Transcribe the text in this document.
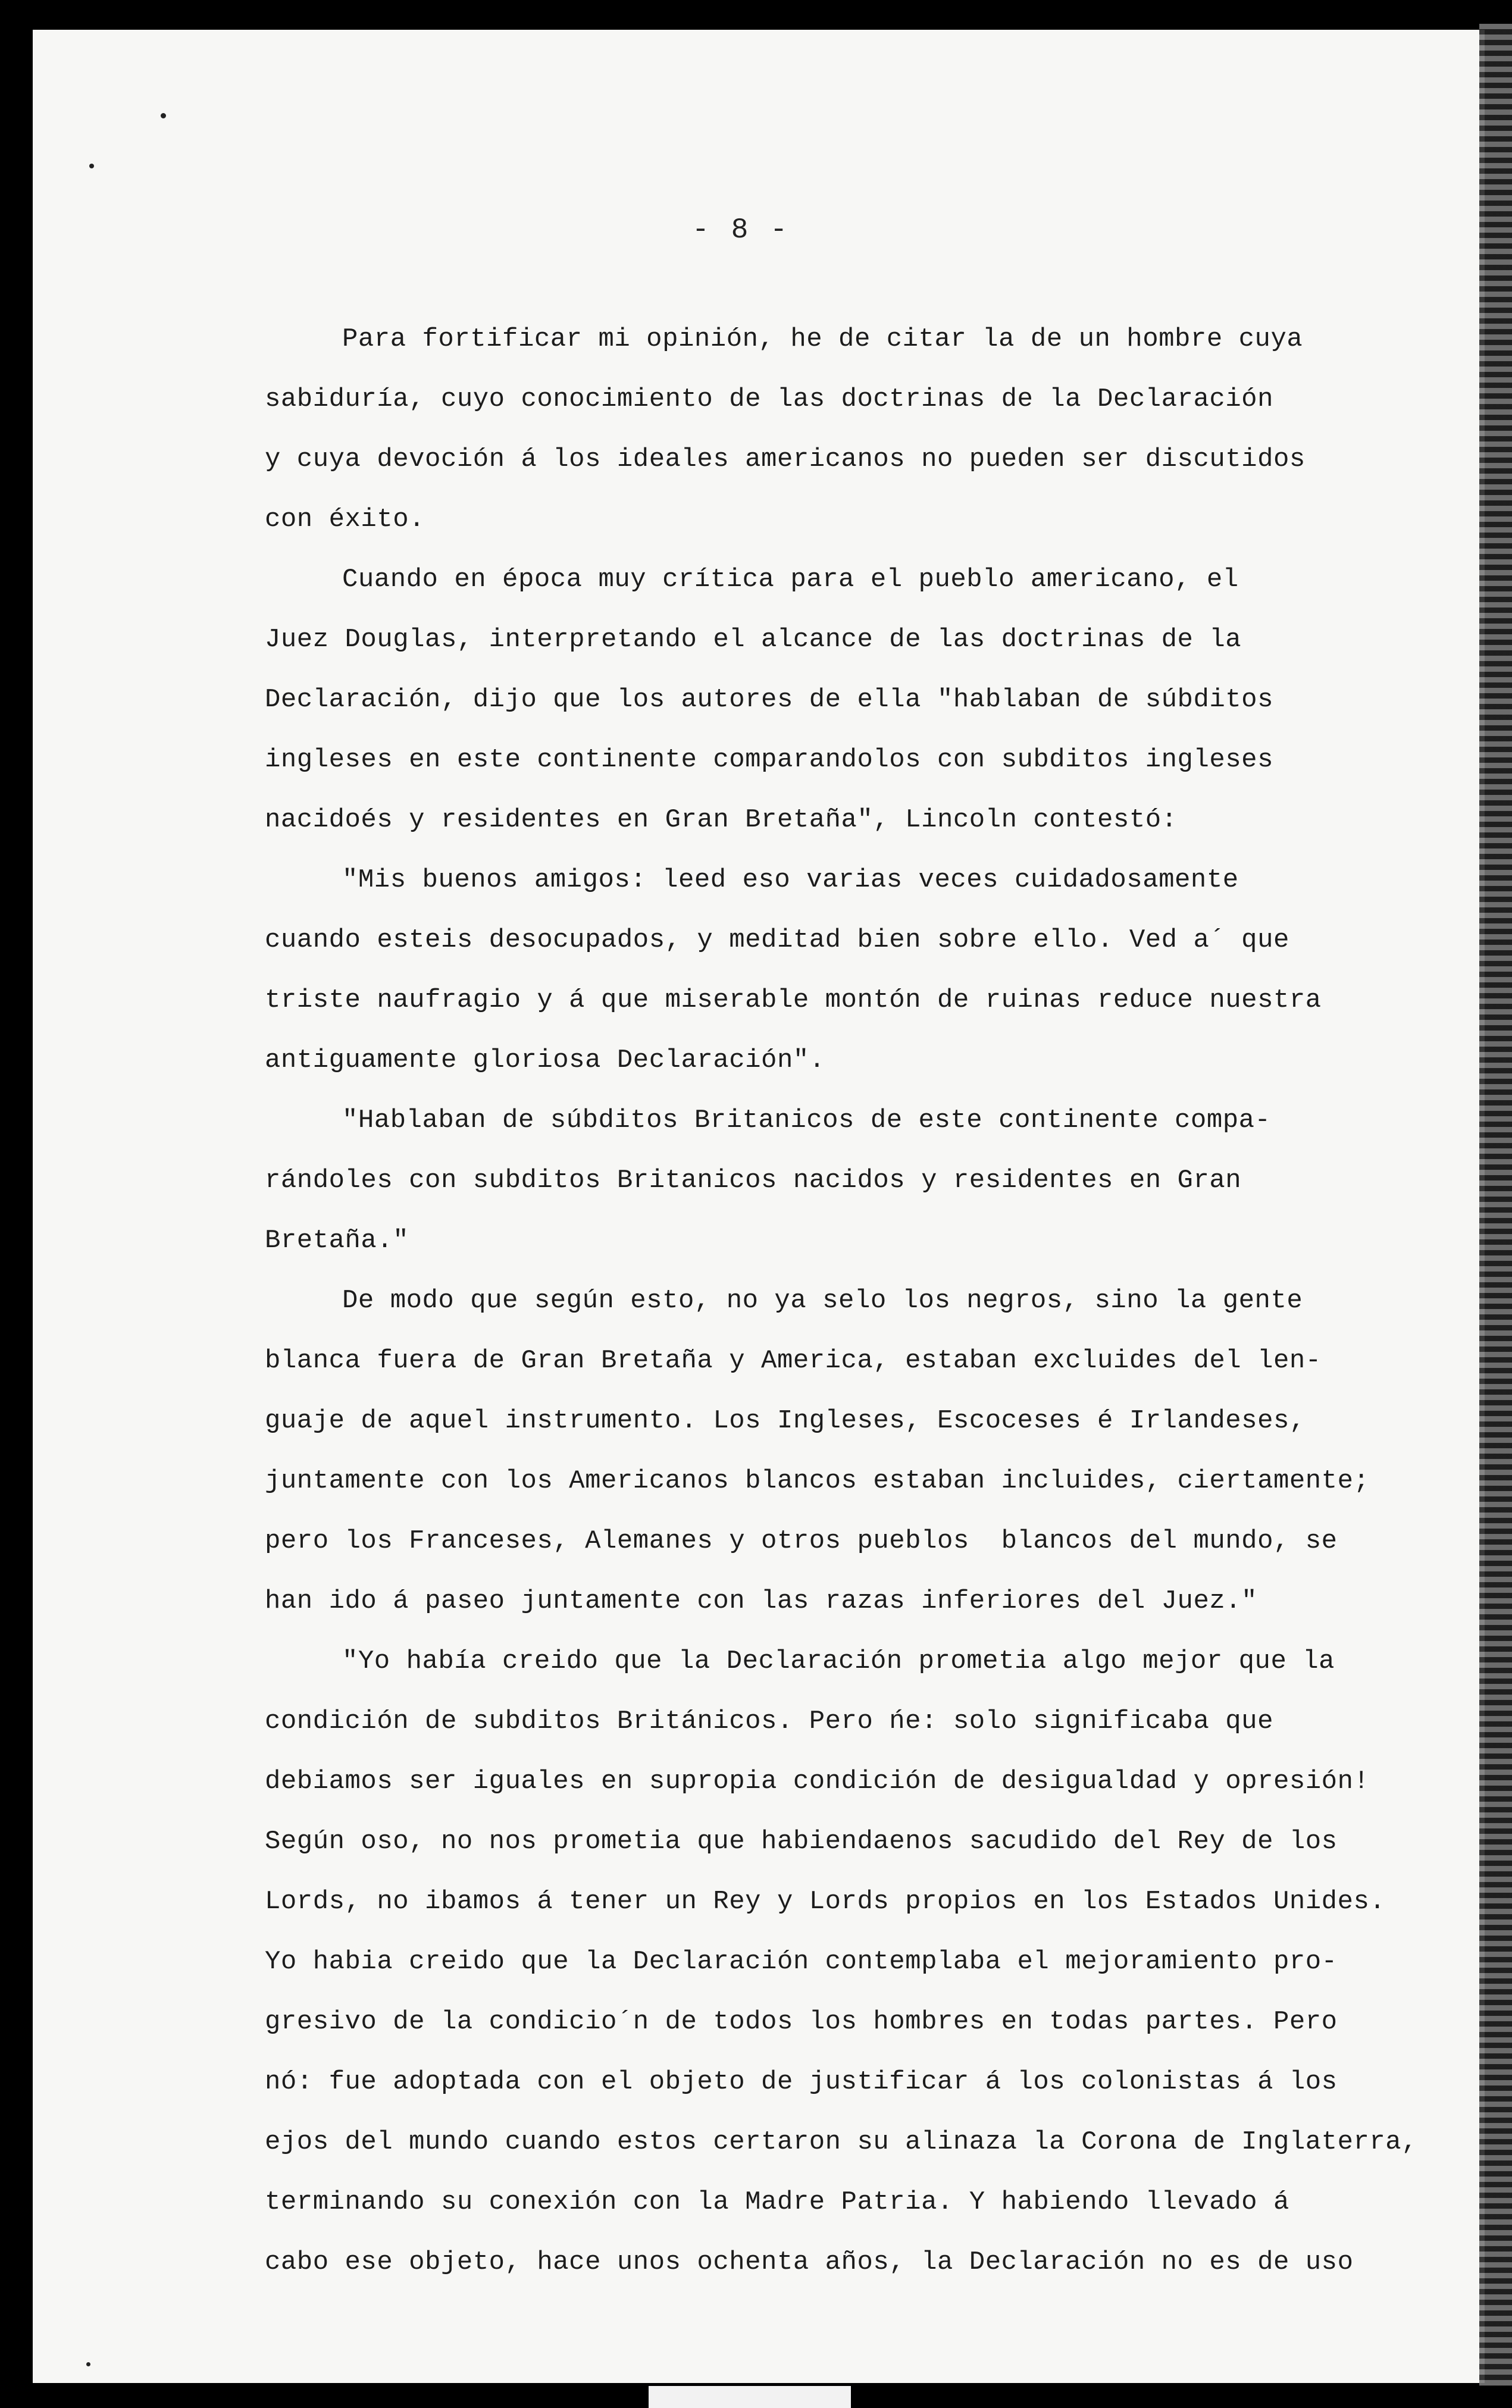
- 8 -
Para fortificar mi opinión, he de citar la de un hombre cuya
sabiduría, cuyo conocimiento de las doctrinas de la Declaración
y cuya devoción á los ideales americanos no pueden ser discutidos
con éxito.
Cuando en época muy crítica para el pueblo americano, el
Juez Douglas, interpretando el alcance de las doctrinas de la
Declaración, dijo que los autores de ella "hablaban de súbditos
ingleses en este continente comparandolos con subditos ingleses
nacidoés y residentes en Gran Bretaña", Lincoln contestó:
"Mis buenos amigos: leed eso varias veces cuidadosamente
cuando esteis desocupados, y meditad bien sobre ello. Ved a´ que
triste naufragio y á que miserable montón de ruinas reduce nuestra
antiguamente gloriosa Declaración".
"Hablaban de súbditos Britanicos de este continente compa-
rándoles con subditos Britanicos nacidos y residentes en Gran
Bretaña."
De modo que según esto, no ya selo los negros, sino la gente
blanca fuera de Gran Bretaña y America, estaban excluides del len-
guaje de aquel instrumento. Los Ingleses, Escoceses é Irlandeses,
juntamente con los Americanos blancos estaban incluides, ciertamente;
pero los Franceses, Alemanes y otros pueblos  blancos del mundo, se
han ido á paseo juntamente con las razas inferiores del Juez."
"Yo había creido que la Declaración prometia algo mejor que la
condición de subditos Británicos. Pero ńe: solo significaba que
debiamos ser iguales en supropia condición de desigualdad y opresión!
Según oso, no nos prometia que habiendaenos sacudido del Rey de los
Lords, no ibamos á tener un Rey y Lords propios en los Estados Unides.
Yo habia creido que la Declaración contemplaba el mejoramiento pro-
gresivo de la condicio´n de todos los hombres en todas partes. Pero
nó: fue adoptada con el objeto de justificar á los colonistas á los
ejos del mundo cuando estos certaron su alinaza la Corona de Inglaterra,
terminando su conexión con la Madre Patria. Y habiendo llevado á
cabo ese objeto, hace unos ochenta años, la Declaración no es de uso
